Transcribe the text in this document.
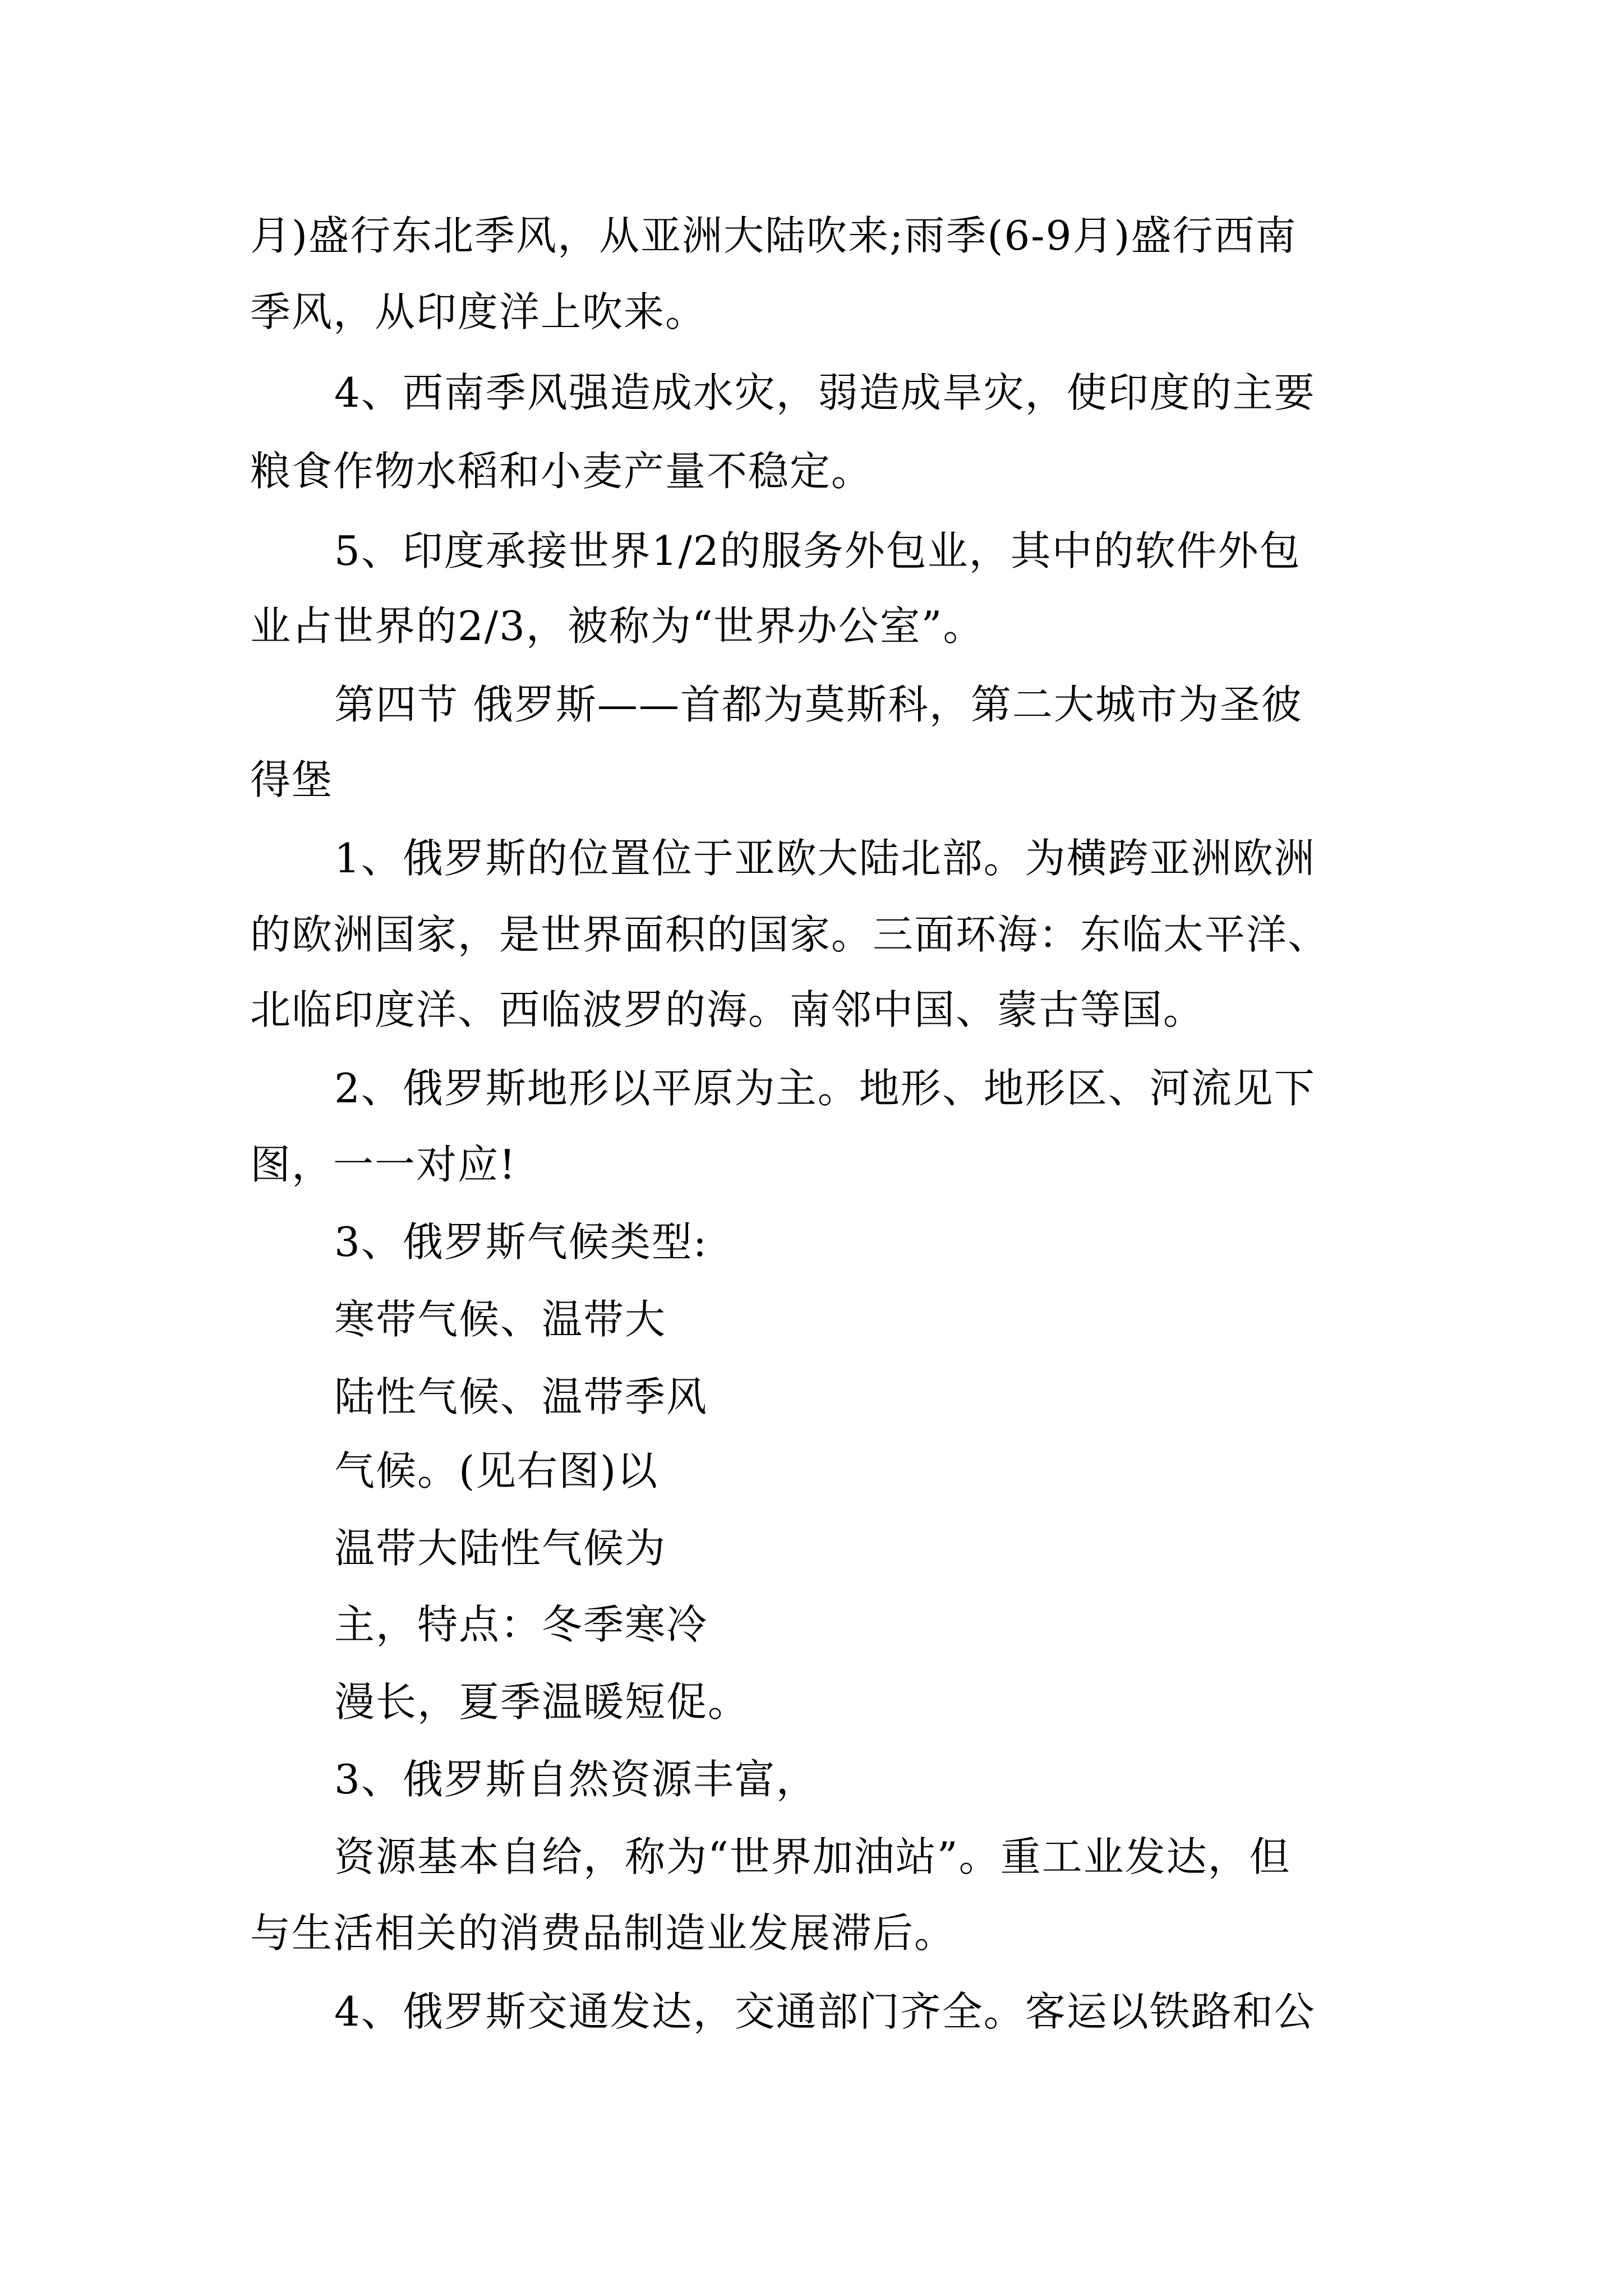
月)盛行东北季风，从亚洲大陆吹来;雨季(6-9月)盛行西南
季风，从印度洋上吹来。
4、西南季风强造成水灾，弱造成旱灾，使印度的主要
粮食作物水稻和小麦产量不稳定。
5、印度承接世界1/2的服务外包业，其中的软件外包
业占世界的2/3，被称为“世界办公室”。
第四节 俄罗斯——首都为莫斯科，第二大城市为圣彼
得堡
1、俄罗斯的位置位于亚欧大陆北部。为横跨亚洲欧洲
的欧洲国家，是世界面积的国家。三面环海：东临太平洋、
北临印度洋、西临波罗的海。南邻中国、蒙古等国。
2、俄罗斯地形以平原为主。地形、地形区、河流见下
图，一一对应!
3、俄罗斯气候类型:
寒带气候、温带大
陆性气候、温带季风
气候。(见右图)以
温带大陆性气候为
主，特点：冬季寒冷
漫长，夏季温暖短促。
3、俄罗斯自然资源丰富，
资源基本自给，称为“世界加油站”。重工业发达，但
与生活相关的消费品制造业发展滞后。
4、俄罗斯交通发达，交通部门齐全。客运以铁路和公
